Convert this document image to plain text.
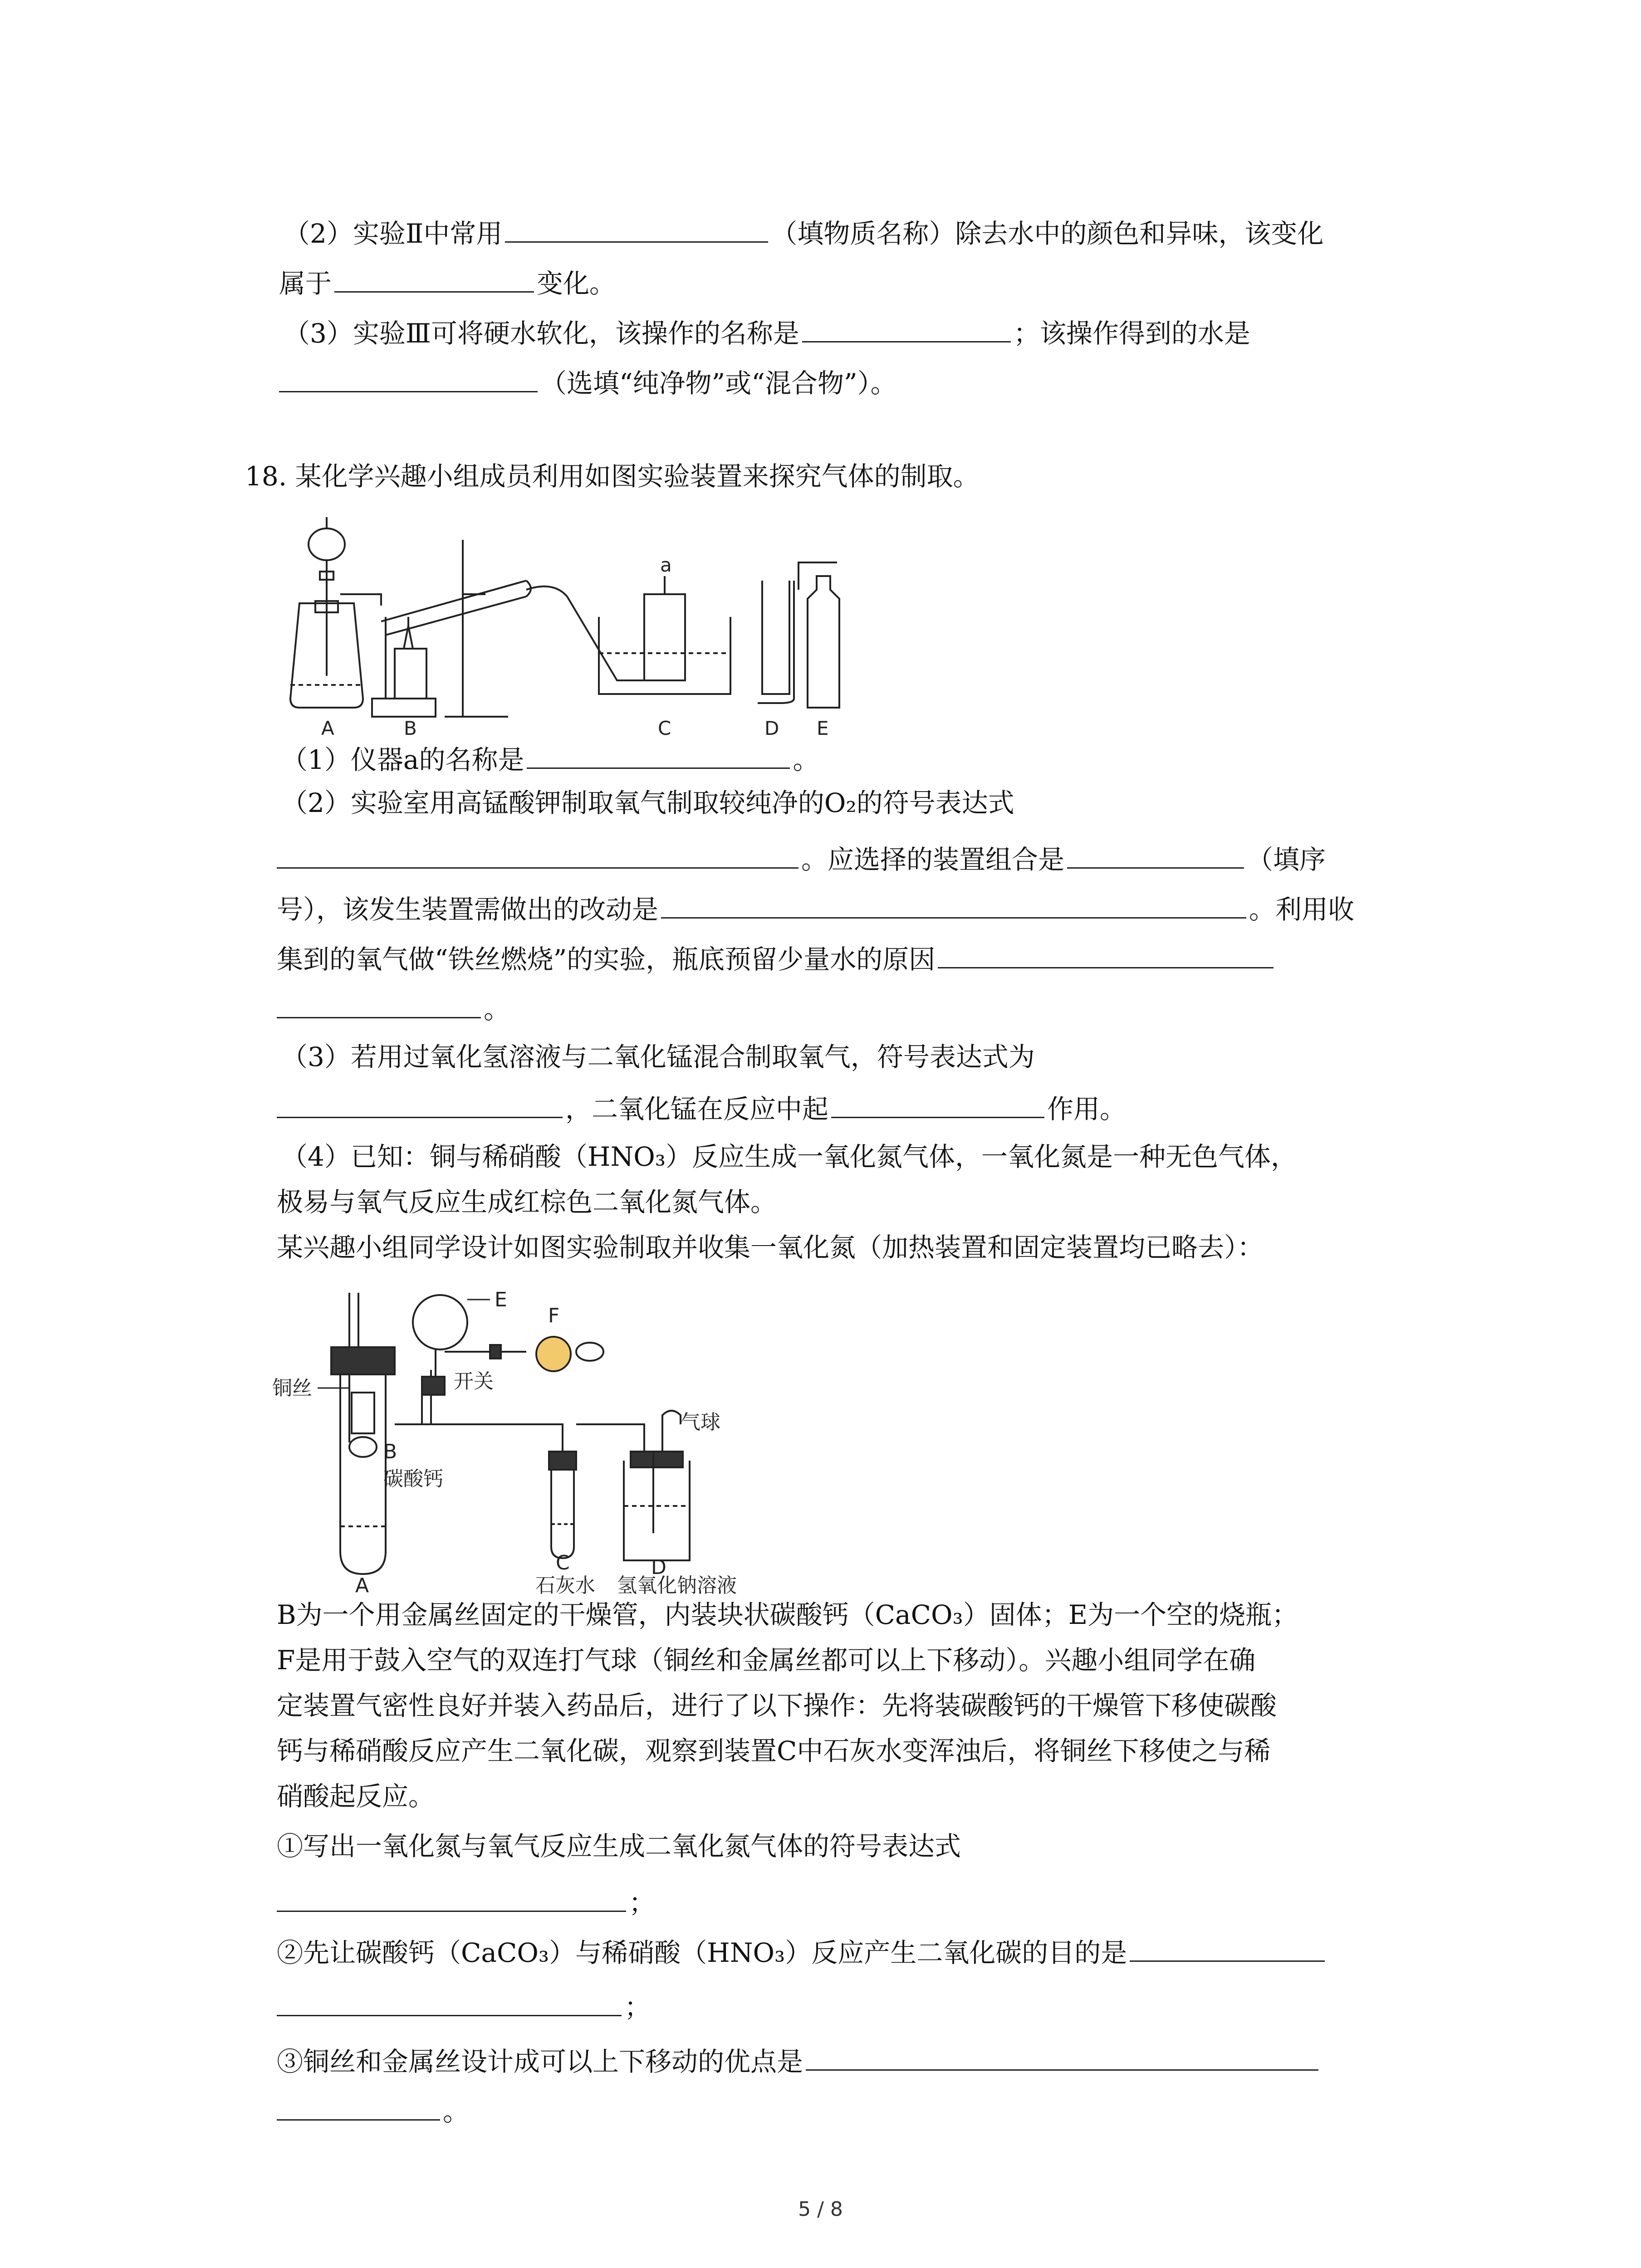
（2）实验Ⅱ中常用	（填物质名称）除去水中的颜色和异味，该变化
属于	变化。
（3）实验Ⅲ可将硬水软化，该操作的名称是	；该操作得到的水是
（选填“纯净物”或“混合物”）。
18. 某化学兴趣小组成员利用如图实验装置来探究气体的制取。
A	B	C	D E
a
（1）仪器a的名称是	。
（2）实验室用高锰酸钾制取氧气制取较纯净的O₂的符号表达式
。应选择的装置组合是	（填序
号），该发生装置需做出的改动是	。利用收
集到的氧气做“铁丝燃烧”的实验，瓶底预留少量水的原因
。
（3）若用过氧化氢溶液与二氧化锰混合制取氧气，符号表达式为
，二氧化锰在反应中起	作用。
（4）已知：铜与稀硝酸（HNO₃）反应生成一氧化氮气体，一氧化氮是一种无色气体，
极易与氧气反应生成红棕色二氧化氮气体。
某兴趣小组同学设计如图实验制取并收集一氧化氮（加热装置和固定装置均已略去）：
铜丝
B
碳酸钙
A
E
F
开关
气球
C
石灰水
D
氢氧化钠溶液
B为一个用金属丝固定的干燥管，内装块状碳酸钙（CaCO₃）固体；E为一个空的烧瓶；
F是用于鼓入空气的双连打气球（铜丝和金属丝都可以上下移动）。兴趣小组同学在确
定装置气密性良好并装入药品后，进行了以下操作：先将装碳酸钙的干燥管下移使碳酸
钙与稀硝酸反应产生二氧化碳，观察到装置C中石灰水变浑浊后，将铜丝下移使之与稀
硝酸起反应。
①写出一氧化氮与氧气反应生成二氧化氮气体的符号表达式
；
②先让碳酸钙（CaCO₃）与稀硝酸（HNO₃）反应产生二氧化碳的目的是
；
③铜丝和金属丝设计成可以上下移动的优点是
。
5 / 8
